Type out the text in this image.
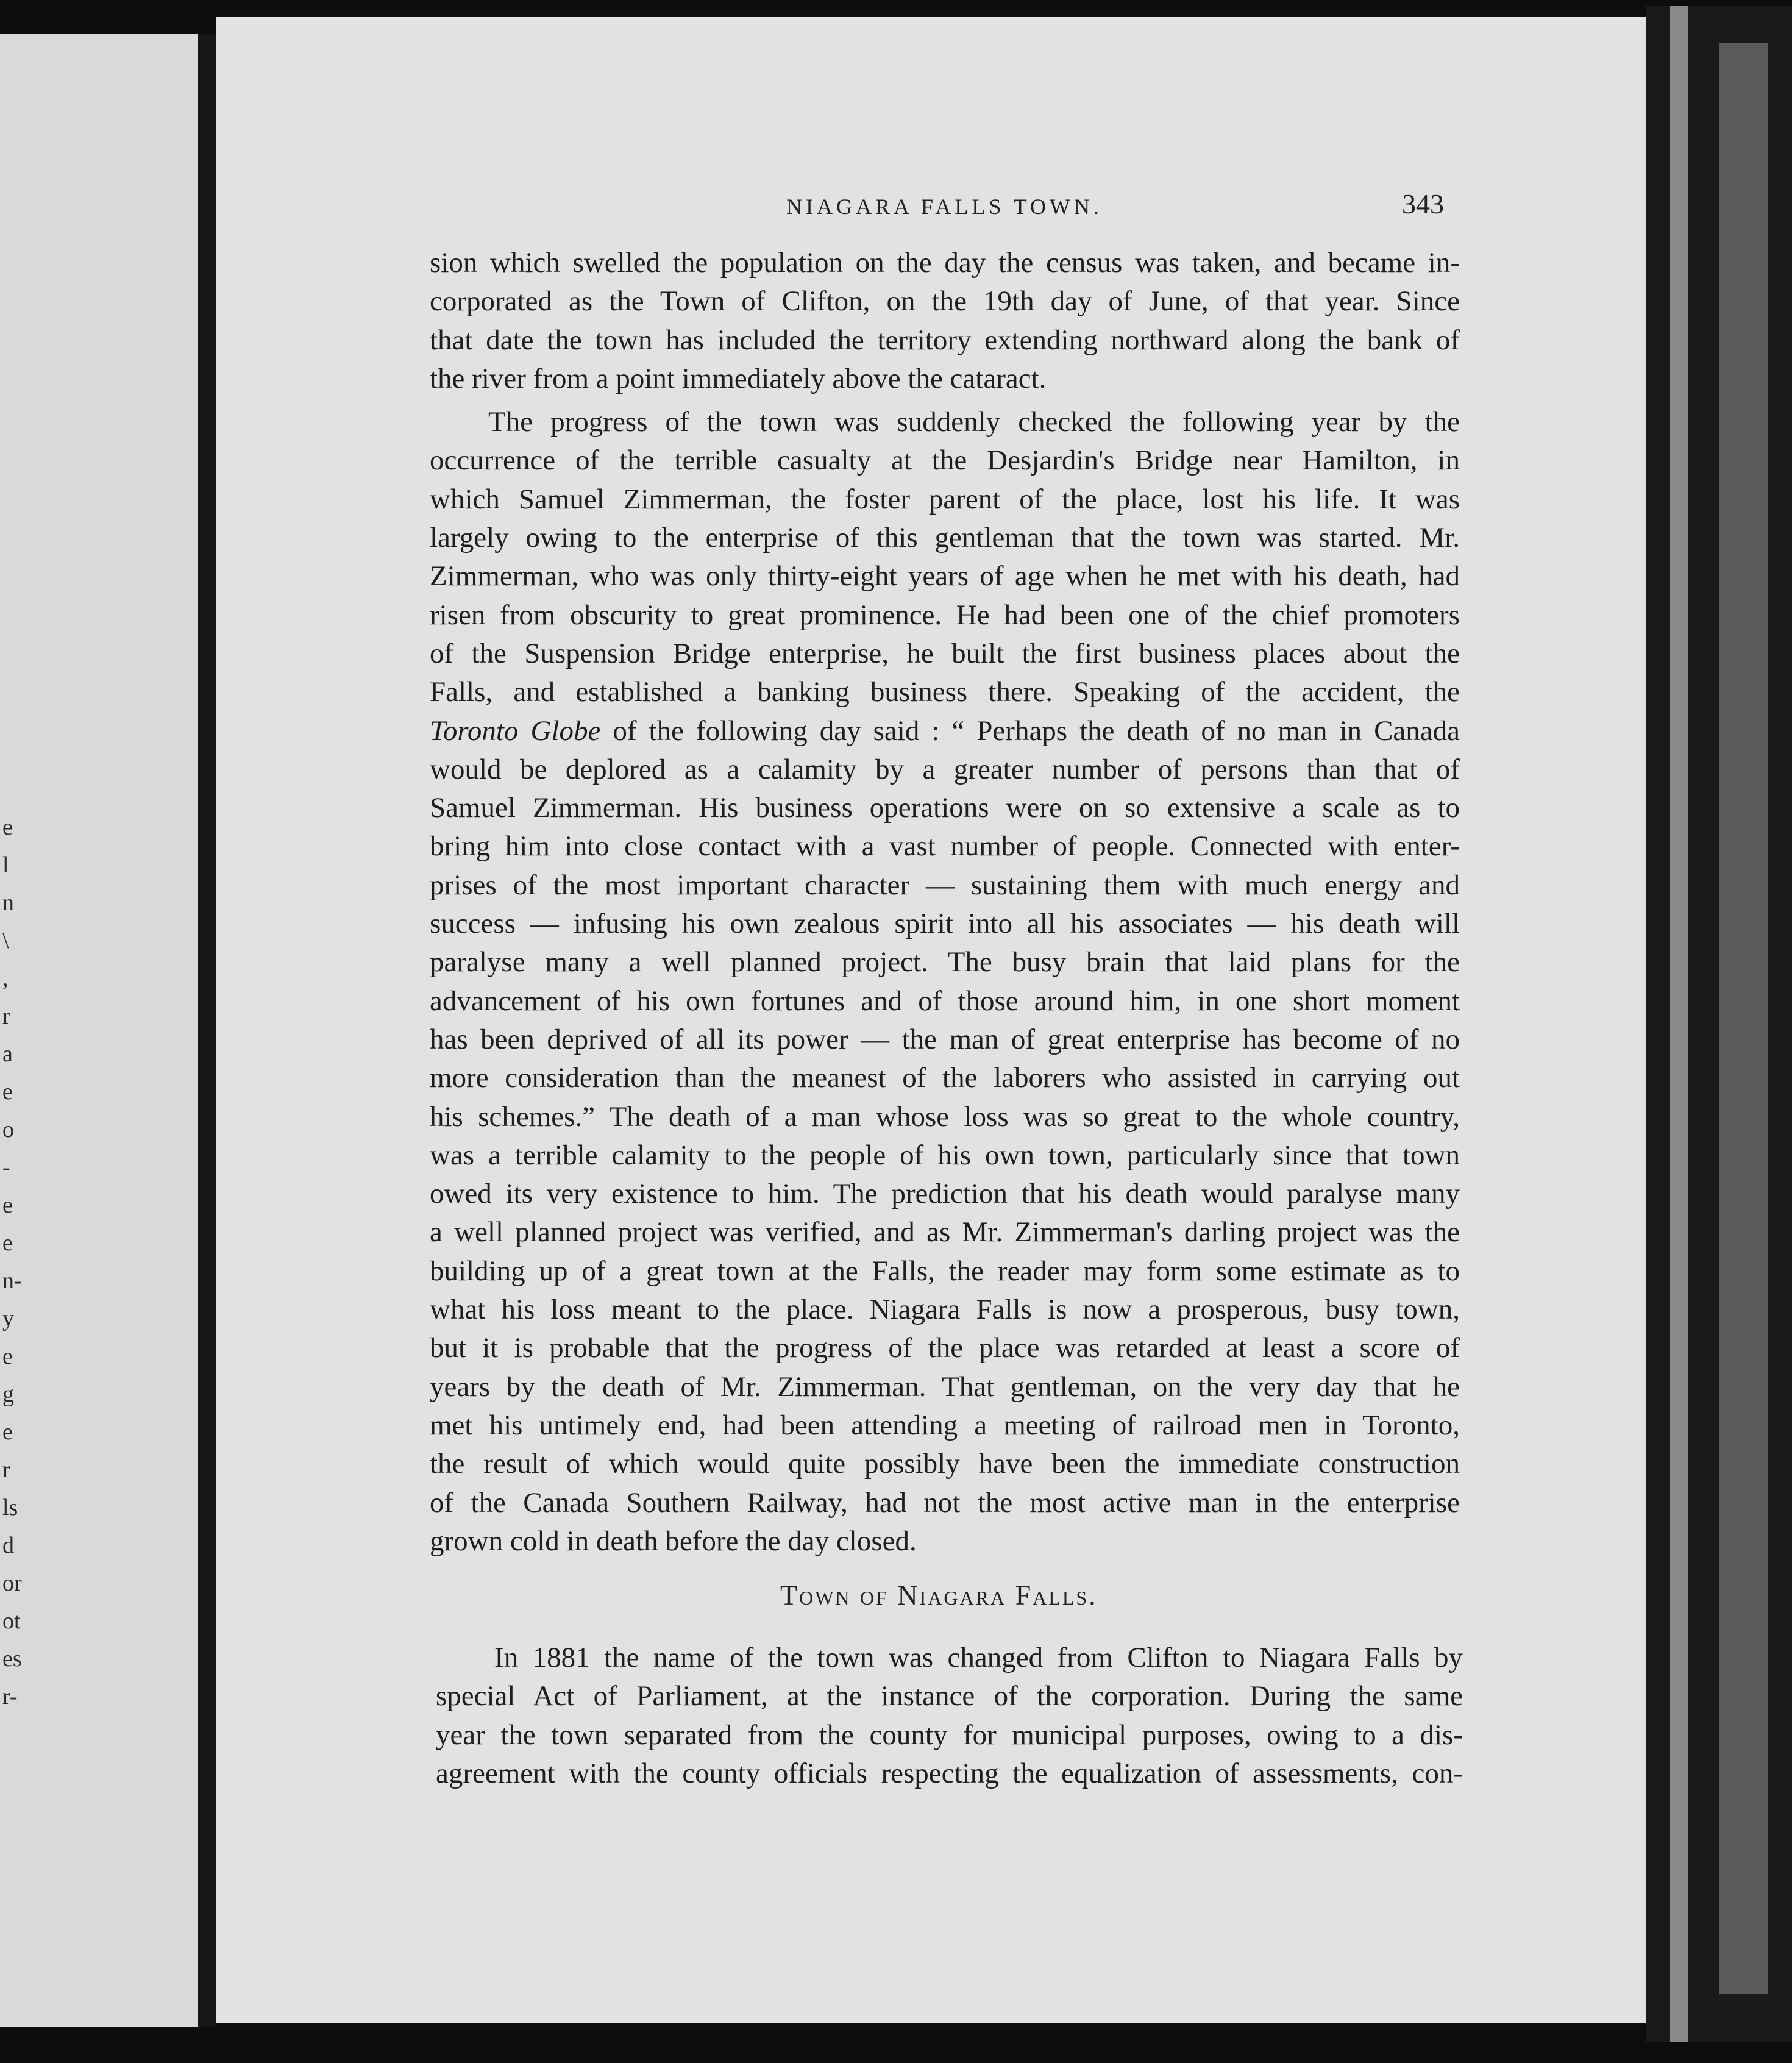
e
l
n
\
,
r
a
e
o
-
e
e
n-
y
e
g
e
r
ls
d
or
ot
es
r-
NIAGARA FALLS TOWN.	343
sion which swelled the population on the day the census was taken, and became in-
corporated as the Town of Clifton, on the 19th day of June, of that year. Since
that date the town has included the territory extending northward along the bank of
the river from a point immediately above the cataract.
The progress of the town was suddenly checked the following year by the
occurrence of the terrible casualty at the Desjardin's Bridge near Hamilton, in
which Samuel Zimmerman, the foster parent of the place, lost his life. It was
largely owing to the enterprise of this gentleman that the town was started. Mr.
Zimmerman, who was only thirty-eight years of age when he met with his death, had
risen from obscurity to great prominence. He had been one of the chief promoters
of the Suspension Bridge enterprise, he built the first business places about the
Falls, and established a banking business there. Speaking of the accident, the
Toronto Globe of the following day said : “ Perhaps the death of no man in Canada
would be deplored as a calamity by a greater number of persons than that of
Samuel Zimmerman. His business operations were on so extensive a scale as to
bring him into close contact with a vast number of people. Connected with enter-
prises of the most important character — sustaining them with much energy and
success — infusing his own zealous spirit into all his associates — his death will
paralyse many a well planned project. The busy brain that laid plans for the
advancement of his own fortunes and of those around him, in one short moment
has been deprived of all its power — the man of great enterprise has become of no
more consideration than the meanest of the laborers who assisted in carrying out
his schemes.” The death of a man whose loss was so great to the whole country,
was a terrible calamity to the people of his own town, particularly since that town
owed its very existence to him. The prediction that his death would paralyse many
a well planned project was verified, and as Mr. Zimmerman's darling project was the
building up of a great town at the Falls, the reader may form some estimate as to
what his loss meant to the place. Niagara Falls is now a prosperous, busy town,
but it is probable that the progress of the place was retarded at least a score of
years by the death of Mr. Zimmerman. That gentleman, on the very day that he
met his untimely end, had been attending a meeting of railroad men in Toronto,
the result of which would quite possibly have been the immediate construction
of the Canada Southern Railway, had not the most active man in the enterprise
grown cold in death before the day closed.
Town of Niagara Falls.
In 1881 the name of the town was changed from Clifton to Niagara Falls by
special Act of Parliament, at the instance of the corporation. During the same
year the town separated from the county for municipal purposes, owing to a dis-
agreement with the county officials respecting the equalization of assessments, con-
